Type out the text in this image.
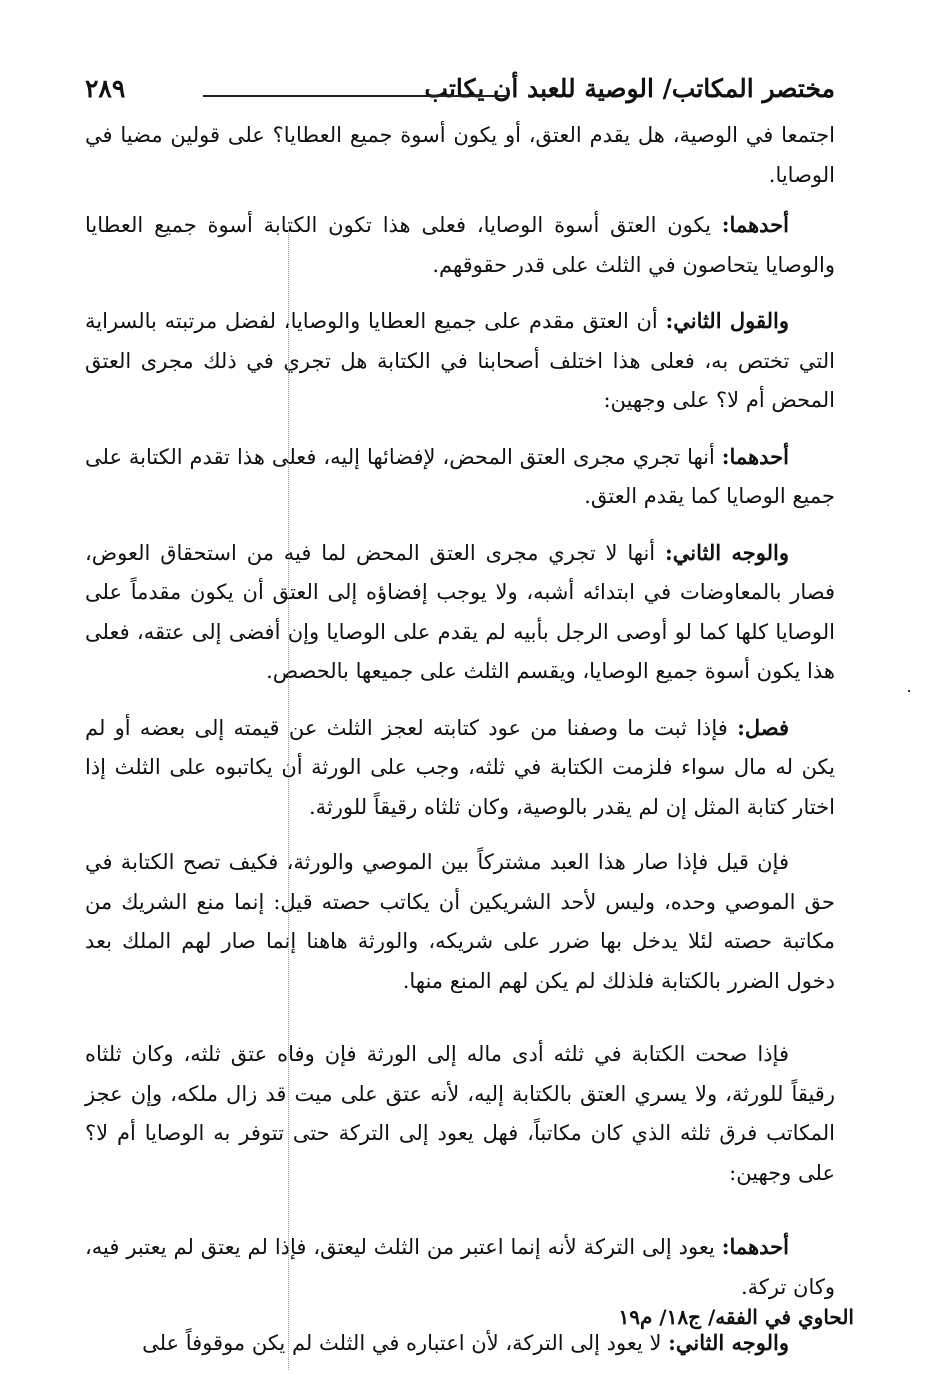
مختصر المكاتب/ الوصية للعبد أن يكاتب
٢٨٩

اجتمعا في الوصية، هل يقدم العتق، أو يكون أسوة جميع العطايا؟ على قولين مضيا في الوصايا.

أحدهما: يكون العتق أسوة الوصايا، فعلى هذا تكون الكتابة أسوة جميع العطايا والوصايا يتحاصون في الثلث على قدر حقوقهم.

والقول الثاني: أن العتق مقدم على جميع العطايا والوصايا، لفضل مرتبته بالسراية التي تختص به، فعلى هذا اختلف أصحابنا في الكتابة هل تجري في ذلك مجرى العتق المحض أم لا؟ على وجهين:

أحدهما: أنها تجري مجرى العتق المحض، لإفضائها إليه، فعلى هذا تقدم الكتابة على جميع الوصايا كما يقدم العتق.

والوجه الثاني: أنها لا تجري مجرى العتق المحض لما فيه من استحقاق العوض، فصار بالمعاوضات في ابتدائه أشبه، ولا يوجب إفضاؤه إلى العتق أن يكون مقدماً على الوصايا كلها كما لو أوصى الرجل بأبيه لم يقدم على الوصايا وإن أفضى إلى عتقه، فعلى هذا يكون أسوة جميع الوصايا، ويقسم الثلث على جميعها بالحصص.

فصل: فإذا ثبت ما وصفنا من عود كتابته لعجز الثلث عن قيمته إلى بعضه أو لم يكن له مال سواء فلزمت الكتابة في ثلثه، وجب على الورثة أن يكاتبوه على الثلث إذا اختار كتابة المثل إن لم يقدر بالوصية، وكان ثلثاه رقيقاً للورثة.

فإن قيل فإذا صار هذا العبد مشتركاً بين الموصي والورثة، فكيف تصح الكتابة في حق الموصي وحده، وليس لأحد الشريكين أن يكاتب حصته قيل: إنما منع الشريك من مكاتبة حصته لئلا يدخل بها ضرر على شريكه، والورثة هاهنا إنما صار لهم الملك بعد دخول الضرر بالكتابة فلذلك لم يكن لهم المنع منها.

فإذا صحت الكتابة في ثلثه أدى ماله إلى الورثة فإن وفاه عتق ثلثه، وكان ثلثاه رقيقاً للورثة، ولا يسري العتق بالكتابة إليه، لأنه عتق على ميت قد زال ملكه، وإن عجز المكاتب فرق ثلثه الذي كان مكاتباً، فهل يعود إلى التركة حتى تتوفر به الوصايا أم لا؟ على وجهين:

أحدهما: يعود إلى التركة لأنه إنما اعتبر من الثلث ليعتق، فإذا لم يعتق لم يعتبر فيه، وكان تركة.

والوجه الثاني: لا يعود إلى التركة، لأن اعتباره في الثلث لم يكن موقوفاً على

الحاوي في الفقه/ ج١٨/ م١٩
